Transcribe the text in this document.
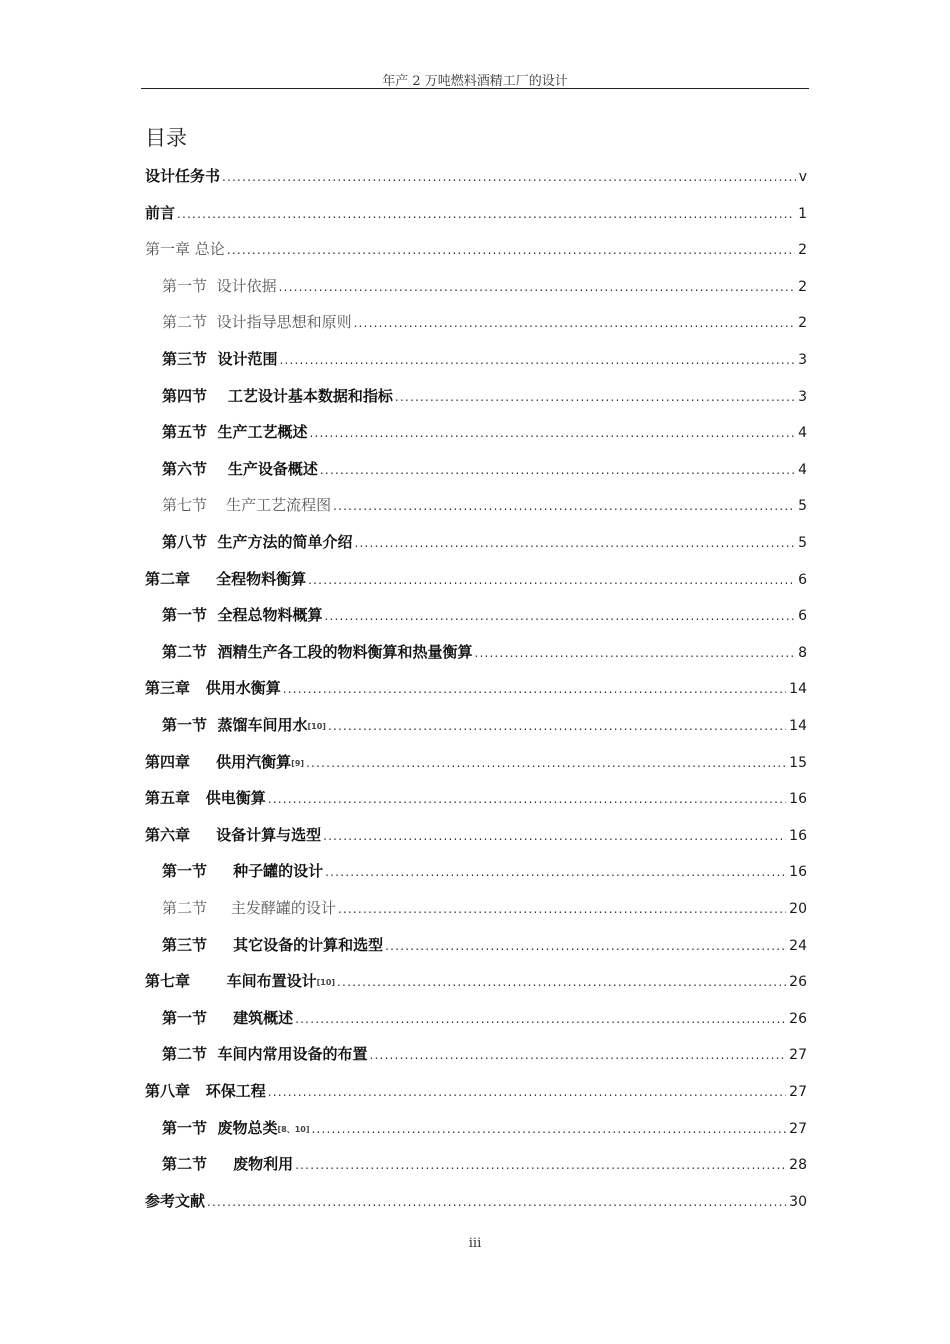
年产 2 万吨燃料酒精工厂的设计
目录
设计任务书 .....	v
前言 .....	1
第一章 总论 .....	2
第一节 设计依据 .....	2
第二节 设计指导思想和原则 .....	2
第三节 设计范围 .....	3
第四节 工艺设计基本数据和指标 .....	3
第五节 生产工艺概述 .....	4
第六节 生产设备概述 .....	4
第七节 生产工艺流程图 .....	5
第八节 生产方法的简单介绍 .....	5
第二章 全程物料衡算 .....	6
第一节 全程总物料概算 .....	6
第二节 酒精生产各工段的物料衡算和热量衡算 .....	8
第三章 供用水衡算 .....	14
第一节 蒸馏车间用水[10] .....	14
第四章 供用汽衡算[9] .....	15
第五章 供电衡算 .....	16
第六章 设备计算与选型 .....	16
第一节 种子罐的设计 .....	16
第二节 主发酵罐的设计 .....	20
第三节 其它设备的计算和选型 .....	24
第七章 车间布置设计[10] .....	26
第一节 建筑概述 .....	26
第二节 车间内常用设备的布置 .....	27
第八章 环保工程 .....	27
第一节 废物总类[8、10] .....	27
第二节 废物利用 .....	28
参考文献 .....	30
iii
